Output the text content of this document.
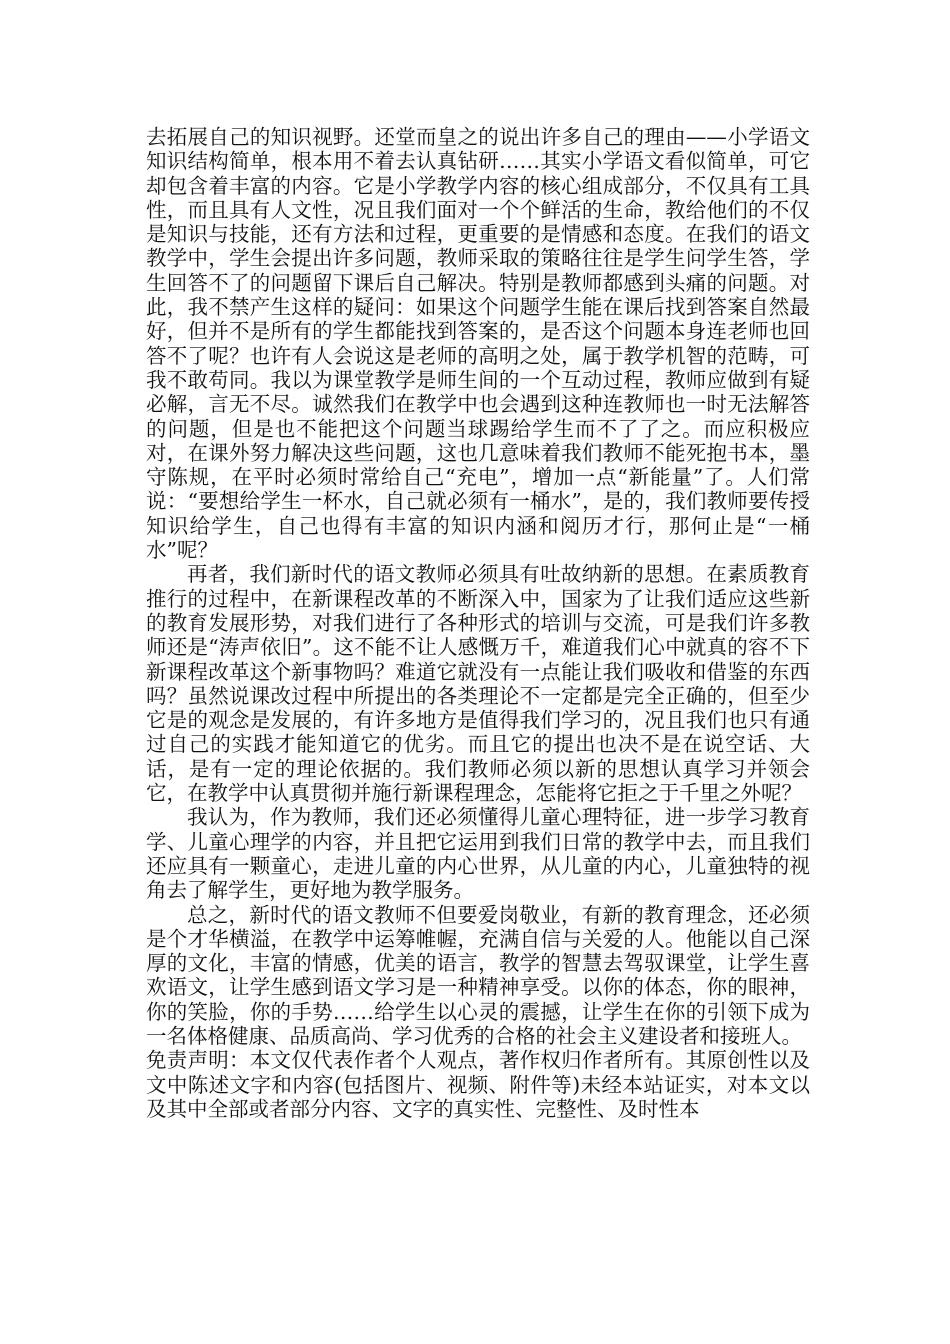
去拓展自己的知识视野。还堂而皇之的说出许多自己的理由——小学语文知识结构简单，根本用不着去认真钻研……其实小学语文看似简单，可它却包含着丰富的内容。它是小学教学内容的核心组成部分，不仅具有工具性，而且具有人文性，况且我们面对一个个鲜活的生命，教给他们的不仅是知识与技能，还有方法和过程，更重要的是情感和态度。在我们的语文教学中，学生会提出许多问题，教师采取的策略往往是学生问学生答，学生回答不了的问题留下课后自己解决。特别是教师都感到头痛的问题。对此，我不禁产生这样的疑问：如果这个问题学生能在课后找到答案自然最好，但并不是所有的学生都能找到答案的，是否这个问题本身连老师也回答不了呢？也许有人会说这是老师的高明之处，属于教学机智的范畴，可我不敢苟同。我以为课堂教学是师生间的一个互动过程，教师应做到有疑必解，言无不尽。诚然我们在教学中也会遇到这种连教师也一时无法解答的问题，但是也不能把这个问题当球踢给学生而不了了之。而应积极应对，在课外努力解决这些问题，这也几意味着我们教师不能死抱书本，墨守陈规，在平时必须时常给自己“充电”，增加一点“新能量”了。人们常说：“要想给学生一杯水，自己就必须有一桶水”，是的，我们教师要传授知识给学生，自己也得有丰富的知识内涵和阅历才行，那何止是“一桶水”呢？

再者，我们新时代的语文教师必须具有吐故纳新的思想。在素质教育推行的过程中，在新课程改革的不断深入中，国家为了让我们适应这些新的教育发展形势，对我们进行了各种形式的培训与交流，可是我们许多教师还是“涛声依旧”。这不能不让人感慨万千，难道我们心中就真的容不下新课程改革这个新事物吗？难道它就没有一点能让我们吸收和借鉴的东西吗？虽然说课改过程中所提出的各类理论不一定都是完全正确的，但至少它是的观念是发展的，有许多地方是值得我们学习的，况且我们也只有通过自己的实践才能知道它的优劣。而且它的提出也决不是在说空话、大话，是有一定的理论依据的。我们教师必须以新的思想认真学习并领会它，在教学中认真贯彻并施行新课程理念，怎能将它拒之于千里之外呢？

我认为，作为教师，我们还必须懂得儿童心理特征，进一步学习教育学、儿童心理学的内容，并且把它运用到我们日常的教学中去，而且我们还应具有一颗童心，走进儿童的内心世界，从儿童的内心，儿童独特的视角去了解学生，更好地为教学服务。

总之，新时代的语文教师不但要爱岗敬业，有新的教育理念，还必须是个才华横溢，在教学中运筹帷幄，充满自信与关爱的人。他能以自己深厚的文化，丰富的情感，优美的语言，教学的智慧去驾驭课堂，让学生喜欢语文，让学生感到语文学习是一种精神享受。以你的体态，你的眼神，你的笑脸，你的手势……给学生以心灵的震撼，让学生在你的引领下成为一名体格健康、品质高尚、学习优秀的合格的社会主义建设者和接班人。

免责声明：本文仅代表作者个人观点，著作权归作者所有。其原创性以及文中陈述文字和内容(包括图片、视频、附件等)未经本站证实，对本文以及其中全部或者部分内容、文字的真实性、完整性、及时性本
